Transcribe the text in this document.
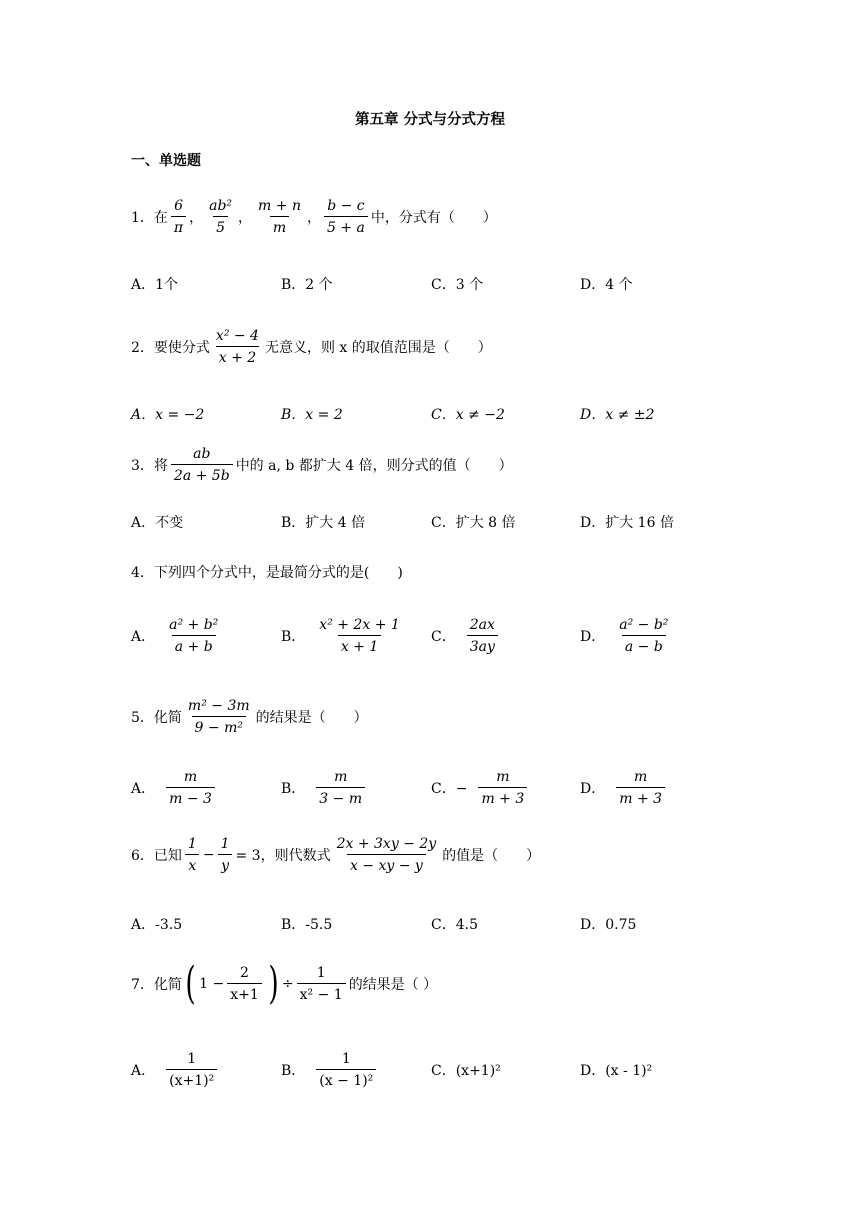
第五章 分式与分式方程
一、单选题
1．在 $\frac{6}{\pi}$ ， $\frac{\text{ab²}}{5}$ ， $\frac{m + n}{m}$ ， $\frac{b - c}{5 + a}$ 中，分式有（　　）
A．1个	B．2 个	C．3 个	D．4 个
2．要使分式 $\frac{\text{x² − 4}}{x + 2}$ 无意义，则 x 的取值范围是（　　）
A．x = −2	B．x = 2	C．x ≠ −2	D．x ≠ ±2
3．将 $\frac{ab}{2a + 5b}$ 中的 a, b 都扩大 4 倍，则分式的值（　　）
A．不变	B．扩大 4 倍	C．扩大 8 倍	D．扩大 16 倍
4．下列四个分式中，是最简分式的是(　　)
A． $\frac{\text{a² + b²}}{a + b}$	B． $\frac{\text{x² + 2x + 1}}{x + 1}$ C． $\frac{2ax}{3ay}$	D． $\frac{\text{a² − b²}}{a - b}$
5．化简 $\frac{\text{m² − 3m}}{\text{9 − m²}}$ 的结果是（　　）
A． $\frac{m}{m - 3}$	B． $\frac{m}{3 - m}$	C．− $\frac{m}{m + 3}$	D． $\frac{m}{m + 3}$
6．已知 $\frac{1}{x} - \frac{1}{y} = 3$，则代数式 $\frac{2x + 3xy - 2y}{x - xy - y}$ 的值是（　　）
A．-3.5	B．-5.5	C．4.5	D．0.75
7．化简 ( $1 - \frac{2}{x+1}$ ) ÷ $\frac{1}{\text{x² − 1}}$ 的结果是（ ）
A． $\frac{1}{\text{(x+1)²}}$	B． $\frac{1}{\text{(x − 1)²}}$	C．(x+1)²	D．(x - 1)²
